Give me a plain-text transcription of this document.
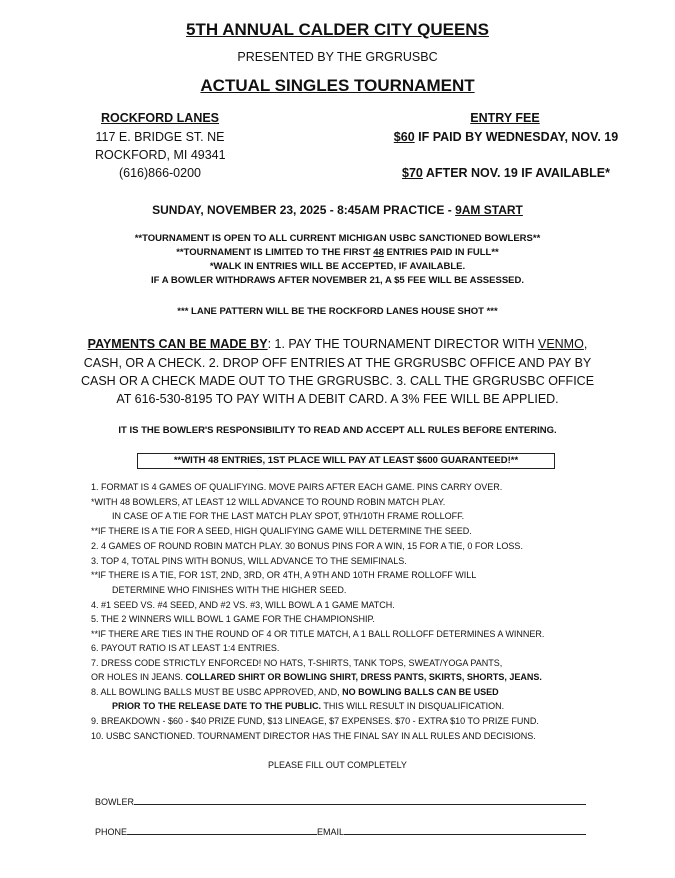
5TH ANNUAL CALDER CITY QUEENS
PRESENTED BY THE GRGRUSBC
ACTUAL SINGLES TOURNAMENT
ROCKFORD LANES
117 E. BRIDGE ST. NE
ROCKFORD, MI 49341
(616)866-0200
ENTRY FEE
$60 IF PAID BY WEDNESDAY, NOV. 19
$70 AFTER NOV. 19 IF AVAILABLE*
SUNDAY, NOVEMBER 23, 2025 - 8:45AM PRACTICE - 9AM START
**TOURNAMENT IS OPEN TO ALL CURRENT MICHIGAN USBC SANCTIONED BOWLERS**
**TOURNAMENT IS LIMITED TO THE FIRST 48 ENTRIES PAID IN FULL**
*WALK IN ENTRIES WILL BE ACCEPTED, IF AVAILABLE.
IF A BOWLER WITHDRAWS AFTER NOVEMBER 21, A $5 FEE WILL BE ASSESSED.
*** LANE PATTERN WILL BE THE ROCKFORD LANES HOUSE SHOT ***
PAYMENTS CAN BE MADE BY: 1. PAY THE TOURNAMENT DIRECTOR WITH VENMO,
CASH, OR A CHECK. 2. DROP OFF ENTRIES AT THE GRGRUSBC OFFICE AND PAY BY
CASH OR A CHECK MADE OUT TO THE GRGRUSBC. 3. CALL THE GRGRUSBC OFFICE
AT 616-530-8195 TO PAY WITH A DEBIT CARD. A 3% FEE WILL BE APPLIED.
IT IS THE BOWLER'S RESPONSIBILITY TO READ AND ACCEPT ALL RULES BEFORE ENTERING.
**WITH 48 ENTRIES, 1ST PLACE WILL PAY AT LEAST $600 GUARANTEED!**
1. FORMAT IS 4 GAMES OF QUALIFYING. MOVE PAIRS AFTER EACH GAME. PINS CARRY OVER.
*WITH 48 BOWLERS, AT LEAST 12 WILL ADVANCE TO ROUND ROBIN MATCH PLAY.
IN CASE OF A TIE FOR THE LAST MATCH PLAY SPOT, 9TH/10TH FRAME ROLLOFF.
**IF THERE IS A TIE FOR A SEED, HIGH QUALIFYING GAME WILL DETERMINE THE SEED.
2. 4 GAMES OF ROUND ROBIN MATCH PLAY. 30 BONUS PINS FOR A WIN, 15 FOR A TIE, 0 FOR LOSS.
3. TOP 4, TOTAL PINS WITH BONUS, WILL ADVANCE TO THE SEMIFINALS.
**IF THERE IS A TIE, FOR 1ST, 2ND, 3RD, OR 4TH, A 9TH AND 10TH FRAME ROLLOFF WILL
DETERMINE WHO FINISHES WITH THE HIGHER SEED.
4. #1 SEED VS. #4 SEED, AND #2 VS. #3, WILL BOWL A 1 GAME MATCH.
5. THE 2 WINNERS WILL BOWL 1 GAME FOR THE CHAMPIONSHIP.
**IF THERE ARE TIES IN THE ROUND OF 4 OR TITLE MATCH, A 1 BALL ROLLOFF DETERMINES A WINNER.
6. PAYOUT RATIO IS AT LEAST 1:4 ENTRIES.
7. DRESS CODE STRICTLY ENFORCED! NO HATS, T-SHIRTS, TANK TOPS, SWEAT/YOGA PANTS,
OR HOLES IN JEANS. COLLARED SHIRT OR BOWLING SHIRT, DRESS PANTS, SKIRTS, SHORTS, JEANS.
8. ALL BOWLING BALLS MUST BE USBC APPROVED, AND, NO BOWLING BALLS CAN BE USED
PRIOR TO THE RELEASE DATE TO THE PUBLIC. THIS WILL RESULT IN DISQUALIFICATION.
9. BREAKDOWN - $60 - $40 PRIZE FUND, $13 LINEAGE, $7 EXPENSES. $70 - EXTRA $10 TO PRIZE FUND.
10. USBC SANCTIONED. TOURNAMENT DIRECTOR HAS THE FINAL SAY IN ALL RULES AND DECISIONS.
PLEASE FILL OUT COMPLETELY
BOWLER
PHONE	EMAIL
